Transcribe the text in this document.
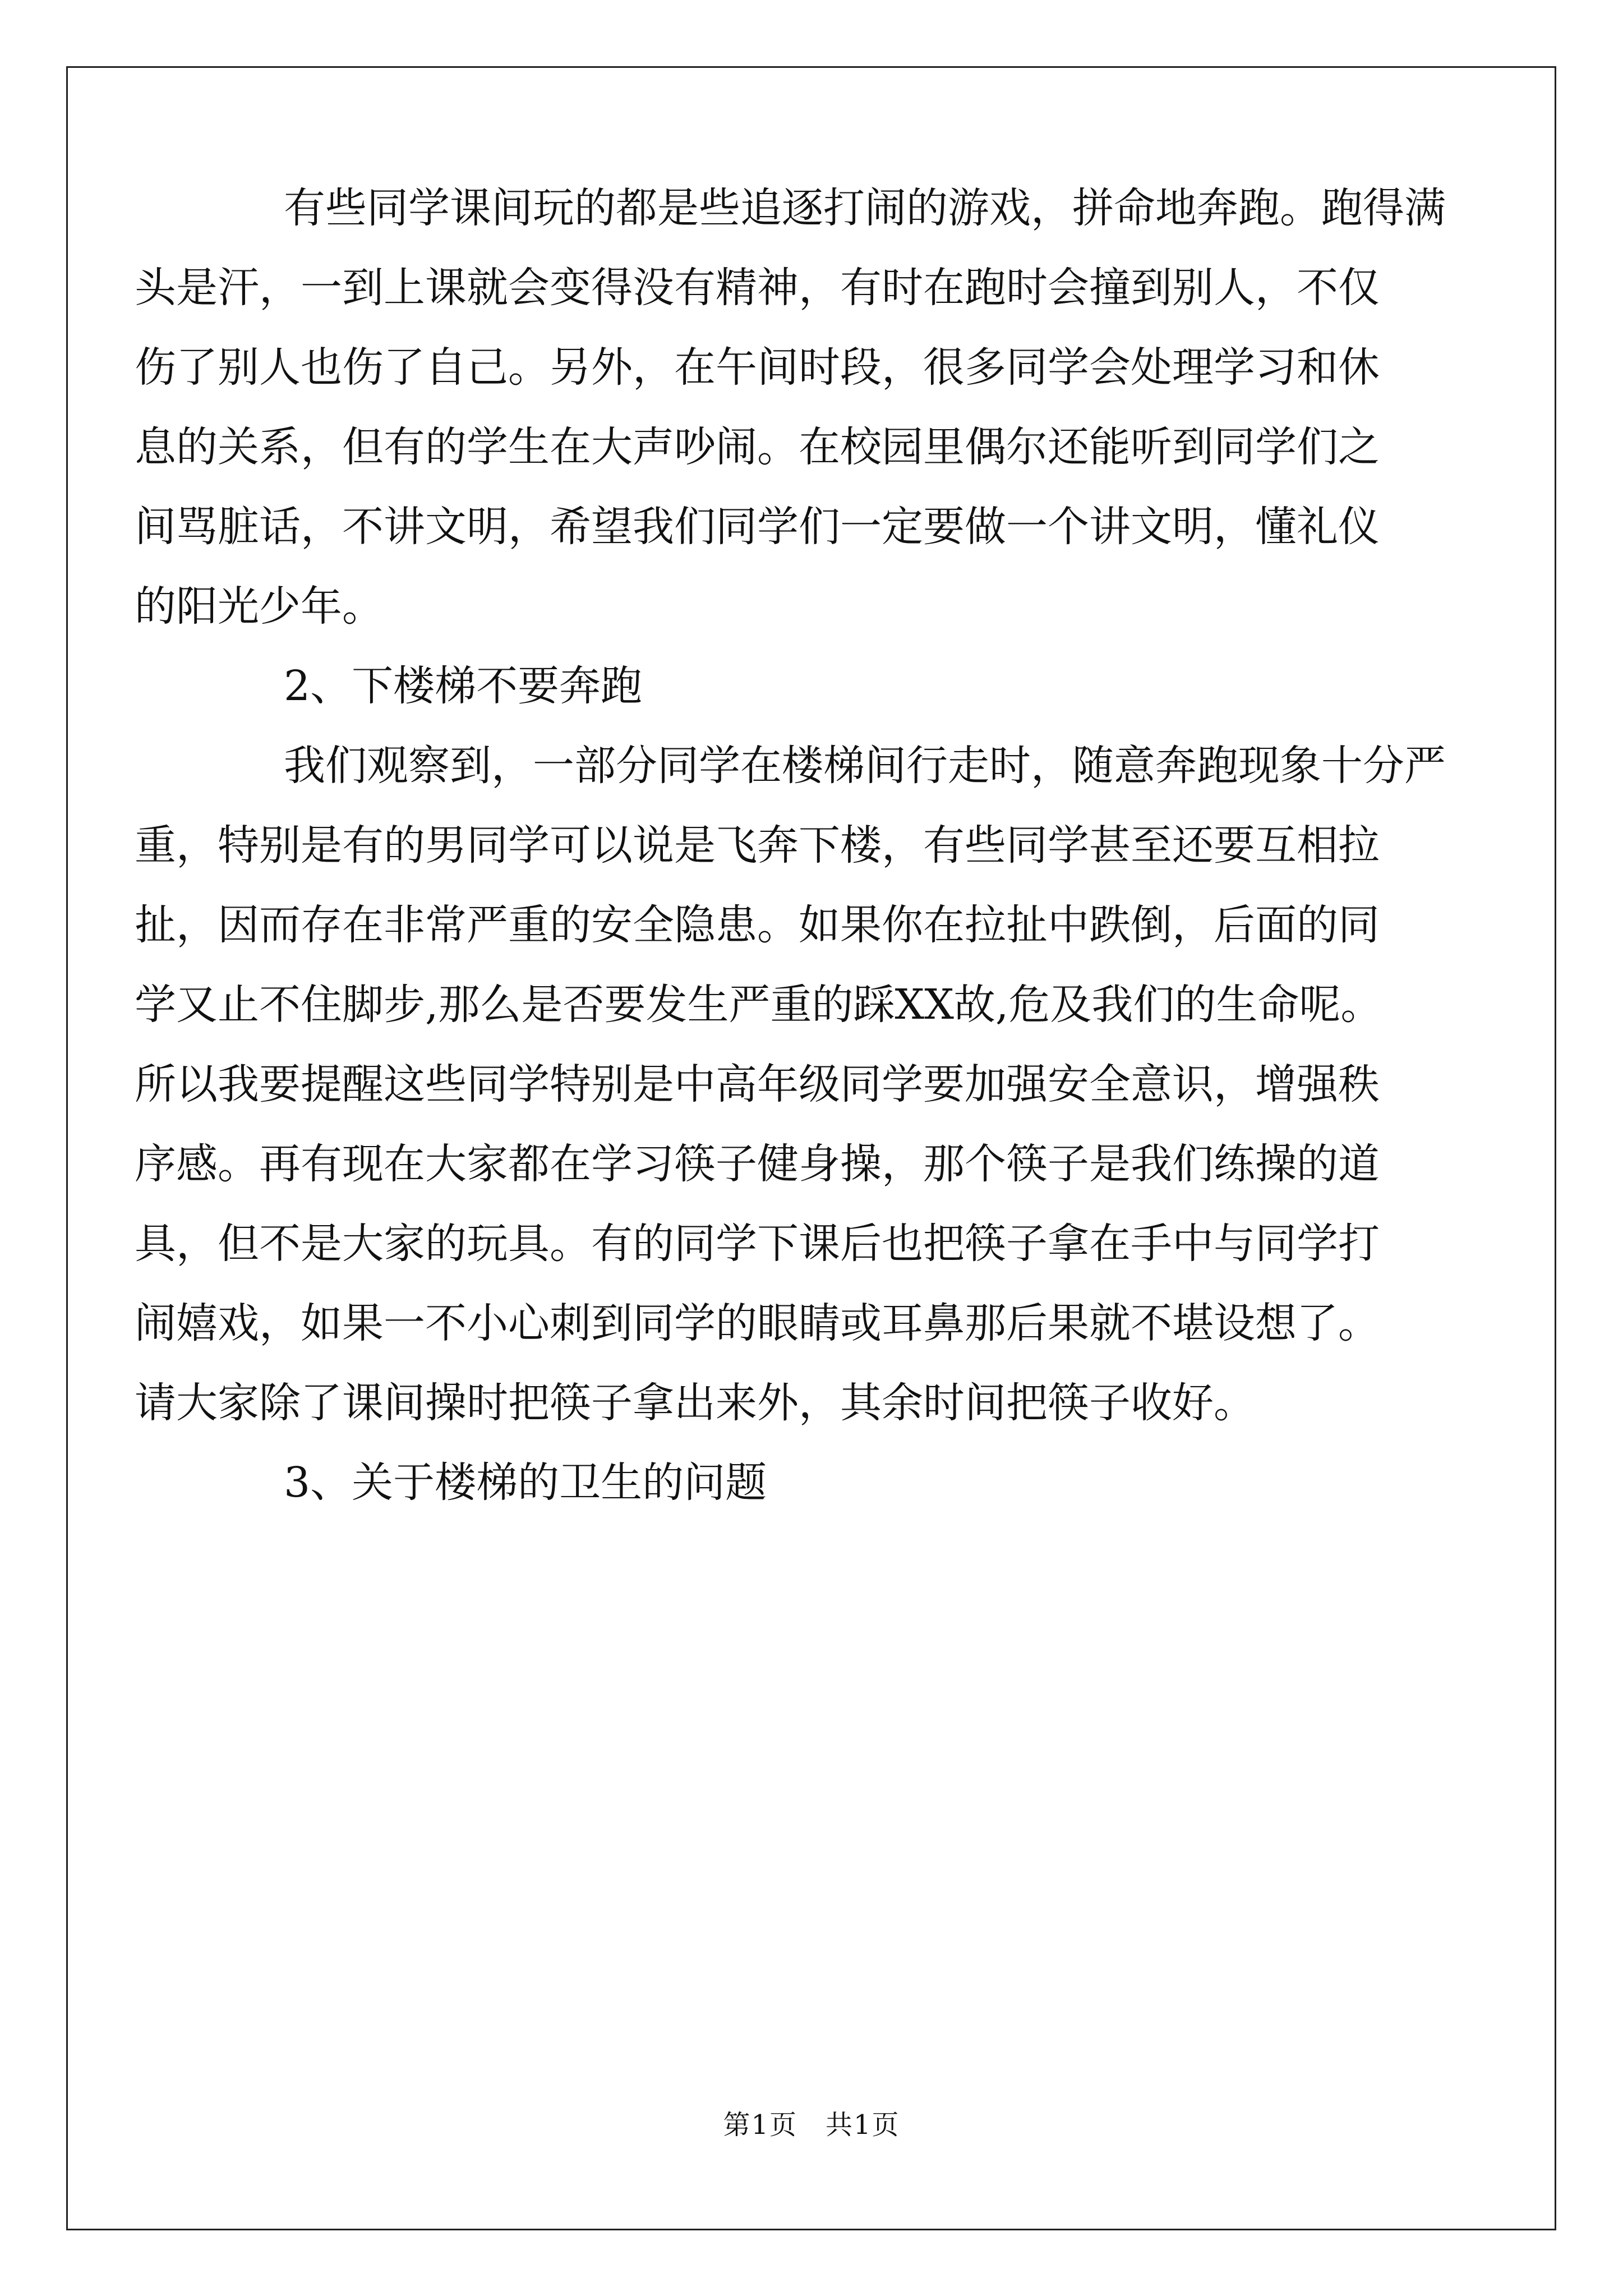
有些同学课间玩的都是些追逐打闹的游戏，拼命地奔跑。跑得满
头是汗，一到上课就会变得没有精神，有时在跑时会撞到别人，不仅
伤了别人也伤了自己。另外，在午间时段，很多同学会处理学习和休
息的关系，但有的学生在大声吵闹。在校园里偶尔还能听到同学们之
间骂脏话，不讲文明，希望我们同学们一定要做一个讲文明，懂礼仪
的阳光少年。
2、下楼梯不要奔跑
我们观察到，一部分同学在楼梯间行走时，随意奔跑现象十分严
重，特别是有的男同学可以说是飞奔下楼，有些同学甚至还要互相拉
扯，因而存在非常严重的安全隐患。如果你在拉扯中跌倒，后面的同
学又止不住脚步,那么是否要发生严重的踩XX故,危及我们的生命呢。
所以我要提醒这些同学特别是中高年级同学要加强安全意识，增强秩
序感。再有现在大家都在学习筷子健身操，那个筷子是我们练操的道
具，但不是大家的玩具。有的同学下课后也把筷子拿在手中与同学打
闹嬉戏，如果一不小心刺到同学的眼睛或耳鼻那后果就不堪设想了。
请大家除了课间操时把筷子拿出来外，其余时间把筷子收好。
3、关于楼梯的卫生的问题
第1页　共1页
